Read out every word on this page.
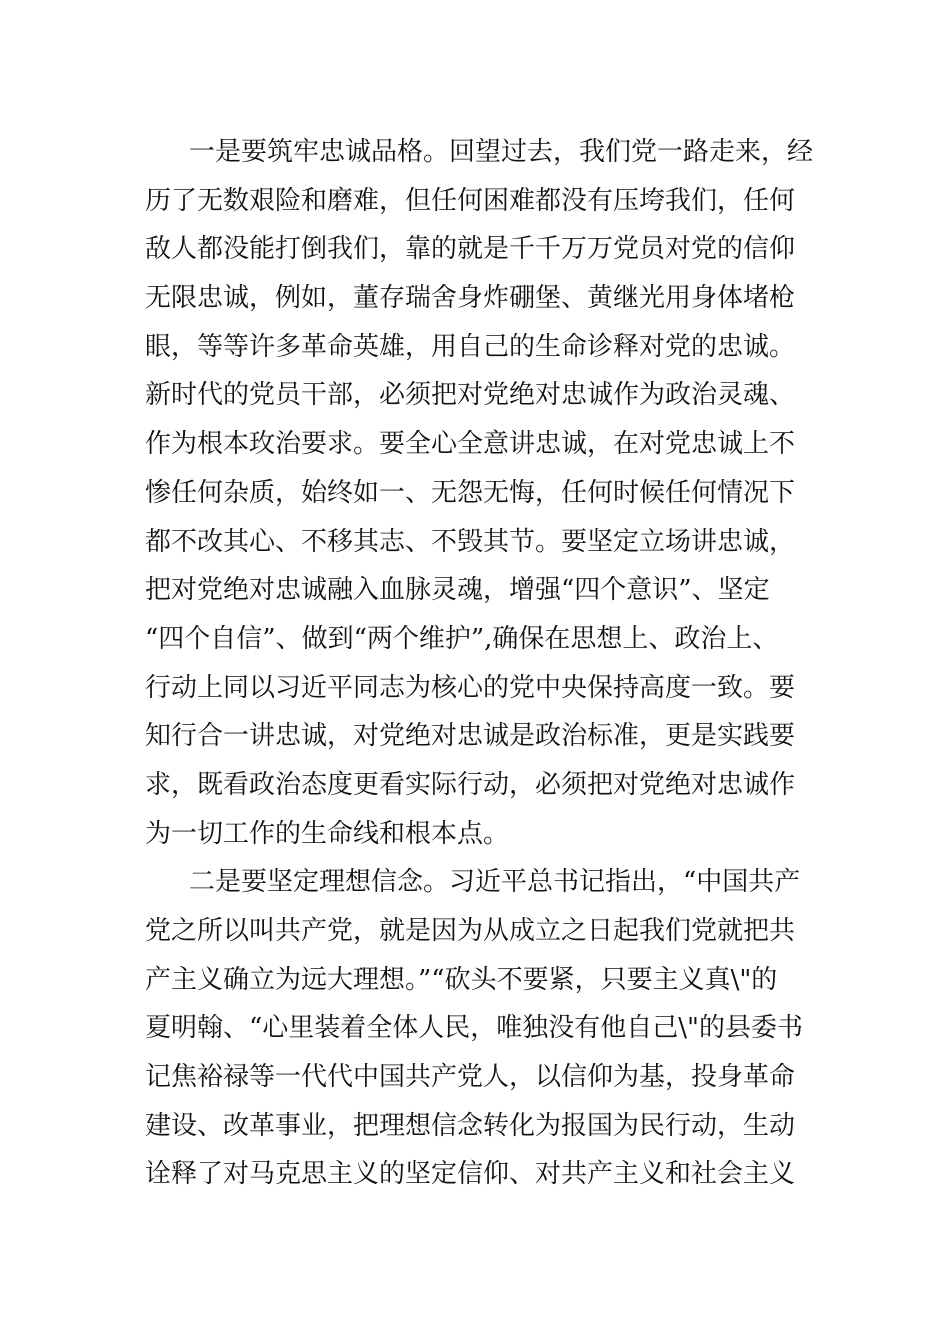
一是要筑牢忠诚品格。回望过去，我们党一路走来，经
历了无数艰险和磨难，但任何困难都没有压垮我们，任何
敌人都没能打倒我们，靠的就是千千万万党员对党的信仰
无限忠诚，例如，董存瑞舍身炸硼堡、黄继光用身体堵枪
眼，等等许多革命英雄，用自己的生命诊释对党的忠诚。
新时代的党员干部，必须把对党绝对忠诚作为政治灵魂、
作为根本玫治要求。要全心全意讲忠诚，在对党忠诚上不
惨任何杂质，始终如一、无怨无悔，任何时候任何情况下
都不改其心、不移其志、不毁其节。要坚定立场讲忠诚，
把对党绝对忠诚融入血脉灵魂，增强“四个意识”、坚定
“四个自信”、做到“两个维护”,确保在思想上、政治上、
行动上同以习近平同志为核心的党中央保持高度一致。要
知行合一讲忠诚，对党绝对忠诚是政治标准，更是实践要
求，既看政治态度更看实际行动，必须把对党绝对忠诚作
为一切工作的生命线和根本点。
二是要坚定理想信念。习近平总书记指出，“中国共产
党之所以叫共产党，就是因为从成立之日起我们党就把共
产主义确立为远大理想。”“砍头不要紧，只要主义真\"的
夏明翰、“心里装着全体人民，唯独没有他自己\"的县委书
记焦裕禄等一代代中国共产党人，以信仰为基，投身革命
建设、改革事业，把理想信念转化为报国为民行动，生动
诠释了对马克思主义的坚定信仰、对共产主义和社会主义
